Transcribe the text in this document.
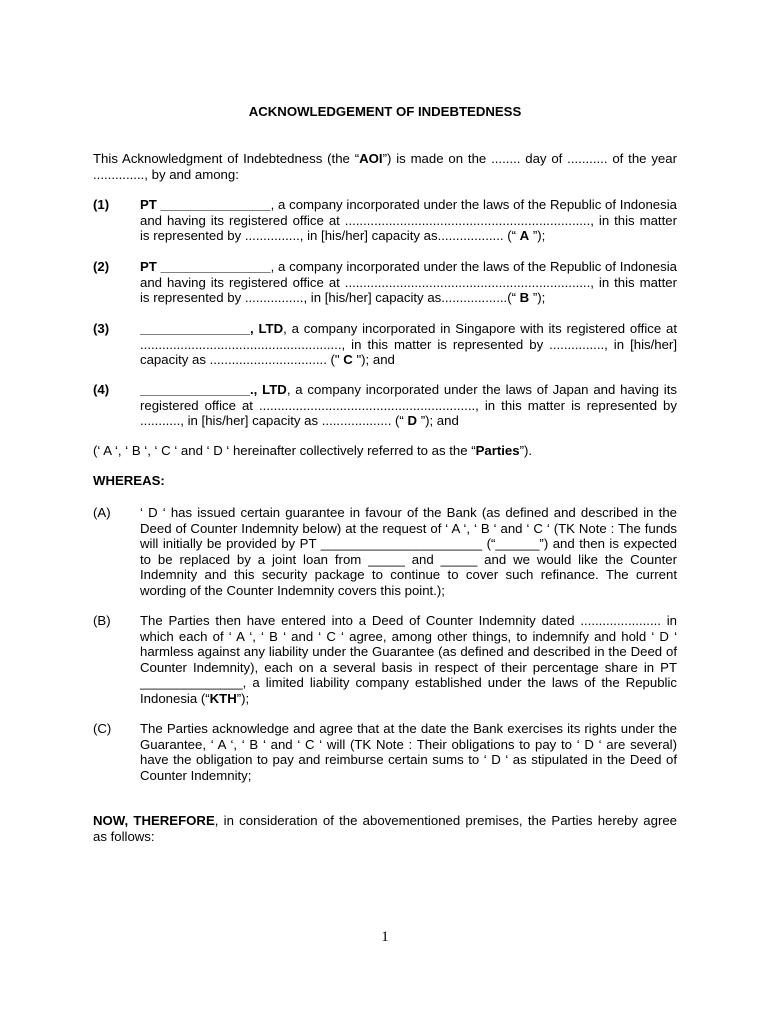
ACKNOWLEDGEMENT OF INDEBTEDNESS
This Acknowledgment of Indebtedness (the “AOI”) is made on the ........ day of ........... of the year .............., by and among:
(1)	PT _______________, a company incorporated under the laws of the Republic of Indonesia and having its registered office at ..................................................................., in this matter is represented by ..............., in [his/her] capacity as.................. (“ A ”);
(2)	PT _______________, a company incorporated under the laws of the Republic of Indonesia and having its registered office at ..................................................................., in this matter is represented by ................, in [his/her] capacity as..................(“ B ”);
(3)	_______________, LTD, a company incorporated in Singapore with its registered office at ......................................................., in this matter is represented by ..............., in [his/her] capacity as ................................ (" C "); and
(4)	_______________., LTD, a company incorporated under the laws of Japan and having its registered office at ..........................................................., in this matter is represented by ..........., in [his/her] capacity as ................... (“ D ”); and
(‘ A ‘, ‘ B ‘, ‘ C ‘ and ‘ D ‘ hereinafter collectively referred to as the “Parties”).
WHEREAS:
(A)	‘ D ‘ has issued certain guarantee in favour of the Bank (as defined and described in the Deed of Counter Indemnity below) at the request of ‘ A ‘, ‘ B ‘ and ‘ C ‘ (TK Note : The funds will initially be provided by PT ______________________ (“______”) and then is expected to be replaced by a joint loan from _____ and _____ and we would like the Counter Indemnity and this security package to continue to cover such refinance. The current wording of the Counter Indemnity covers this point.);
(B)	The Parties then have entered into a Deed of Counter Indemnity dated ...................... in which each of ‘ A ‘, ‘ B ‘ and ‘ C ‘ agree, among other things, to indemnify and hold ‘ D ‘ harmless against any liability under the Guarantee (as defined and described in the Deed of Counter Indemnity), each on a several basis in respect of their percentage share in PT ______________, a limited liability company established under the laws of the Republic Indonesia (“KTH”);
(C)	The Parties acknowledge and agree that at the date the Bank exercises its rights under the Guarantee, ‘ A ‘, ‘ B ‘ and ‘ C ‘ will (TK Note : Their obligations to pay to ‘ D ‘ are several) have the obligation to pay and reimburse certain sums to ‘ D ‘ as stipulated in the Deed of Counter Indemnity;
NOW, THEREFORE, in consideration of the abovementioned premises, the Parties hereby agree as follows:
1
